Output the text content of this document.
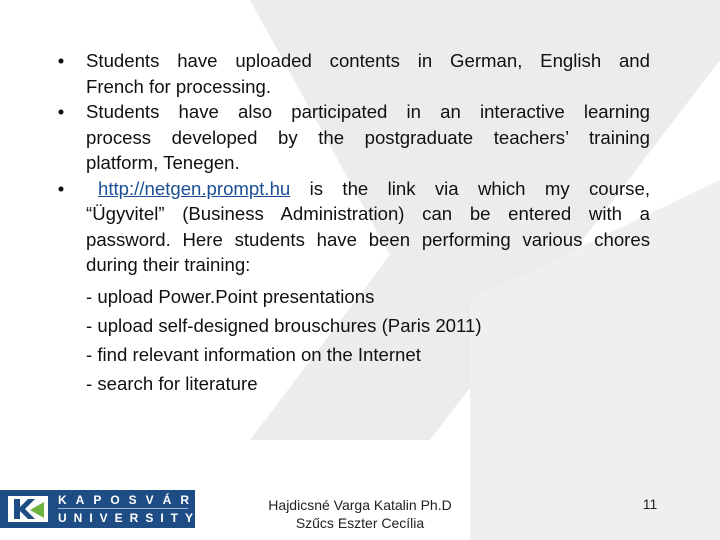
•	Students have uploaded contents in German, English and
French for processing.
•	Students have also participated in an interactive learning
process developed by the postgraduate teachers’ training
platform, Tenegen.
•	http://netgen.prompt.hu is the link via which my course,
“Ügyvitel” (Business Administration) can be entered with a
password. Here students have been performing various chores
during their training:
- upload Power.Point presentations
- upload self-designed brouschures (Paris 2011)
- find relevant information on the Internet
- search for literature
KAPOSVÁR
UNIVERSITY
Hajdicsné Varga Katalin Ph.D
Szűcs Eszter Cecília
11
